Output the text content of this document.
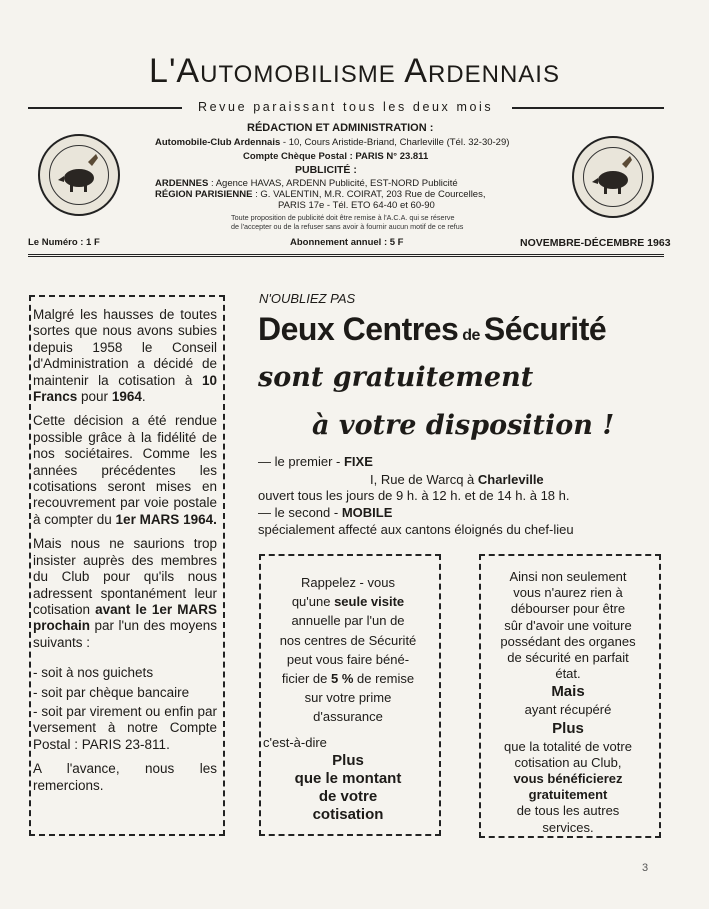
L'Automobilisme Ardennais
Revue paraissant tous les deux mois
RÉDACTION ET ADMINISTRATION :
Automobile-Club Ardennais - 10, Cours Aristide-Briand, Charleville (Tél. 32-30-29)
Compte Chèque Postal : PARIS N° 23.811
PUBLICITÉ :
ARDENNES : Agence HAVAS, ARDENN Publicité, EST-NORD Publicité
RÉGION PARISIENNE : G. VALENTIN, M.R. COIRAT, 203 Rue de Courcelles,
PARIS 17e - Tél. ETO 64-40 et 60-90
Toute proposition de publicité doit être remise à l'A.C.A. qui se réserve
de l'accepter ou de la refuser sans avoir à fournir aucun motif de ce refus
Le Numéro : 1 F	Abonnement annuel : 5 F	NOVEMBRE-DÉCEMBRE 1963

Malgré les hausses de toutes sortes que nous avons subies depuis 1958 le Conseil d'Administration a décidé de maintenir la cotisation à 10 Francs pour 1964.

Cette décision a été rendue possible grâce à la fidélité de nos sociétaires. Comme les années précédentes les cotisations seront mises en recouvrement par voie postale à compter du 1er MARS 1964.

Mais nous ne saurions trop insister auprès des membres du Club pour qu'ils nous adressent spontanément leur cotisation avant le 1er MARS prochain par l'un des moyens suivants :

- soit à nos guichets

- soit par chèque bancaire

- soit par virement ou enfin par versement à notre Compte Postal : PARIS 23-811.

A l'avance, nous les remercions.

N'OUBLIEZ PAS
Deux Centres de Sécurité
sont gratuitement
à votre disposition !
— le premier - FIXE
I, Rue de Warcq à Charleville
ouvert tous les jours de 9 h. à 12 h. et de 14 h. à 18 h.
— le second - MOBILE
spécialement affecté aux cantons éloignés du chef-lieu
Rappelez - vous
qu'une seule visite
annuelle par l'un de
nos centres de Sécurité
peut vous faire béné-
ficier de 5 % de remise
sur votre prime
d'assurance
c'est-à-dire
Plus
que le montant
de votre
cotisation
Ainsi non seulement
vous n'aurez rien à
débourser pour être
sûr d'avoir une voiture
possédant des organes
de sécurité en parfait
état.
Mais
ayant récupéré
Plus
que la totalité de votre
cotisation au Club,
vous bénéficierez
gratuitement
de tous les autres
services.
3
